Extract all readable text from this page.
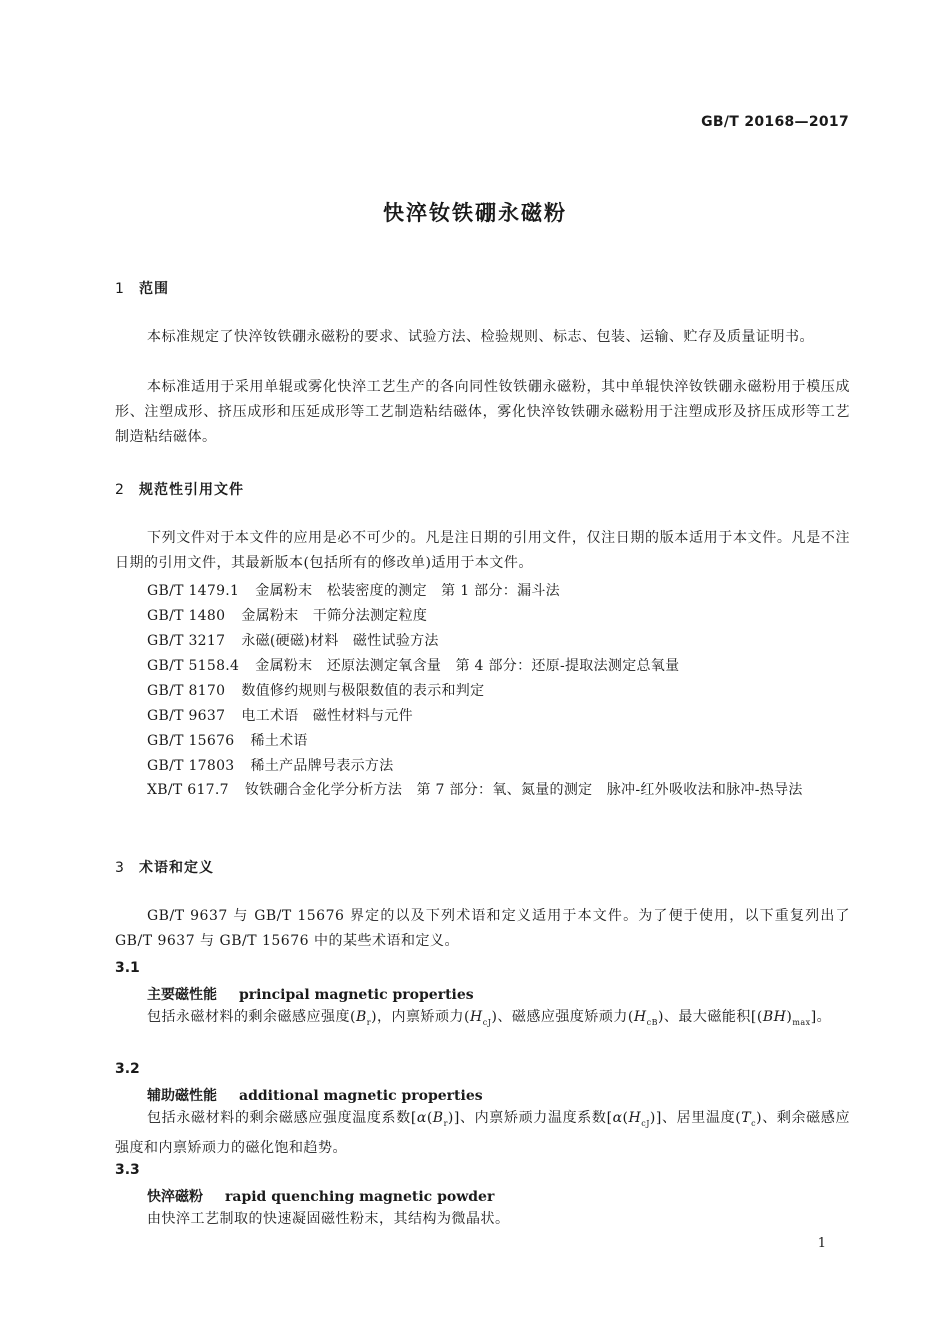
GB/T 20168—2017
快淬钕铁硼永磁粉
1 范围
本标准规定了快淬钕铁硼永磁粉的要求、试验方法、检验规则、标志、包装、运输、贮存及质量证明书。
本标准适用于采用单辊或雾化快淬工艺生产的各向同性钕铁硼永磁粉，其中单辊快淬钕铁硼永磁粉用于模压成形、注塑成形、挤压成形和压延成形等工艺制造粘结磁体，雾化快淬钕铁硼永磁粉用于注塑成形及挤压成形等工艺制造粘结磁体。
2 规范性引用文件
下列文件对于本文件的应用是必不可少的。凡是注日期的引用文件，仅注日期的版本适用于本文件。凡是不注日期的引用文件，其最新版本(包括所有的修改单)适用于本文件。
GB/T 1479.1 金属粉末　松装密度的测定　第 1 部分：漏斗法
GB/T 1480 金属粉末　干筛分法测定粒度
GB/T 3217 永磁(硬磁)材料　磁性试验方法
GB/T 5158.4 金属粉末　还原法测定氧含量　第 4 部分：还原-提取法测定总氧量
GB/T 8170 数值修约规则与极限数值的表示和判定
GB/T 9637 电工术语　磁性材料与元件
GB/T 15676 稀土术语
GB/T 17803 稀土产品牌号表示方法
XB/T 617.7 钕铁硼合金化学分析方法　第 7 部分：氧、氮量的测定　脉冲-红外吸收法和脉冲-热导法
3 术语和定义
GB/T 9637 与 GB/T 15676 界定的以及下列术语和定义适用于本文件。为了便于使用，以下重复列出了 GB/T 9637 与 GB/T 15676 中的某些术语和定义。
3.1
主要磁性能 principal magnetic properties
包括永磁材料的剩余磁感应强度$(B_r)$，内禀矫顽力$(H_{cJ})$、磁感应强度矫顽力$(H_{cB})$、最大磁能积$[(BH)_{max}]$。
3.2
辅助磁性能 additional magnetic properties
包括永磁材料的剩余磁感应强度温度系数$[\alpha(B_r)]$、内禀矫顽力温度系数$[\alpha(H_{cJ})]$、居里温度$(T_c)$、剩余磁感应强度和内禀矫顽力的磁化饱和趋势。
3.3
快淬磁粉 rapid quenching magnetic powder
由快淬工艺制取的快速凝固磁性粉末，其结构为微晶状。
1
